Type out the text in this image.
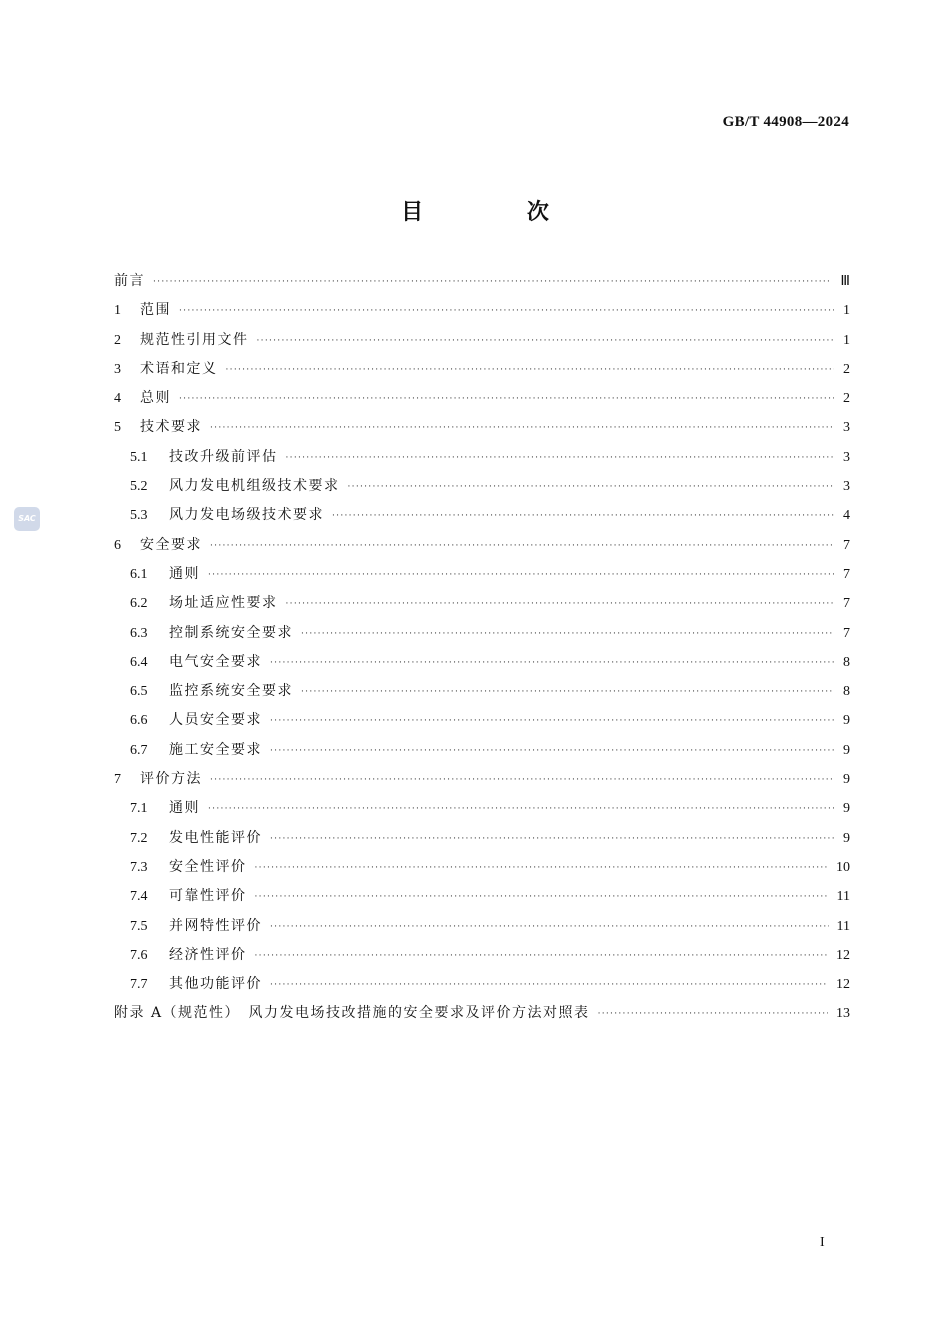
GB/T 44908—2024
目 次
SAC
前言 ·····	Ⅲ
1	范围 ·····	1
2	规范性引用文件 ·····	1
3	术语和定义 ·····	2
4	总则 ·····	2
5	技术要求 ·····	3
5.1	技改升级前评估 ·····	3
5.2	风力发电机组级技术要求 ·····	3
5.3	风力发电场级技术要求 ·····	4
6	安全要求 ·····	7
6.1	通则 ·····	7
6.2	场址适应性要求 ·····	7
6.3	控制系统安全要求 ·····	7
6.4	电气安全要求 ·····	8
6.5	监控系统安全要求 ·····	8
6.6	人员安全要求 ·····	9
6.7	施工安全要求 ·····	9
7	评价方法 ·····	9
7.1	通则 ·····	9
7.2	发电性能评价 ·····	9
7.3	安全性评价 ·····	10
7.4	可靠性评价 ·····	11
7.5	并网特性评价 ·····	11
7.6	经济性评价 ·····	12
7.7	其他功能评价 ·····	12
附录 A（规范性）　风力发电场技改措施的安全要求及评价方法对照表 ·····	13
I
